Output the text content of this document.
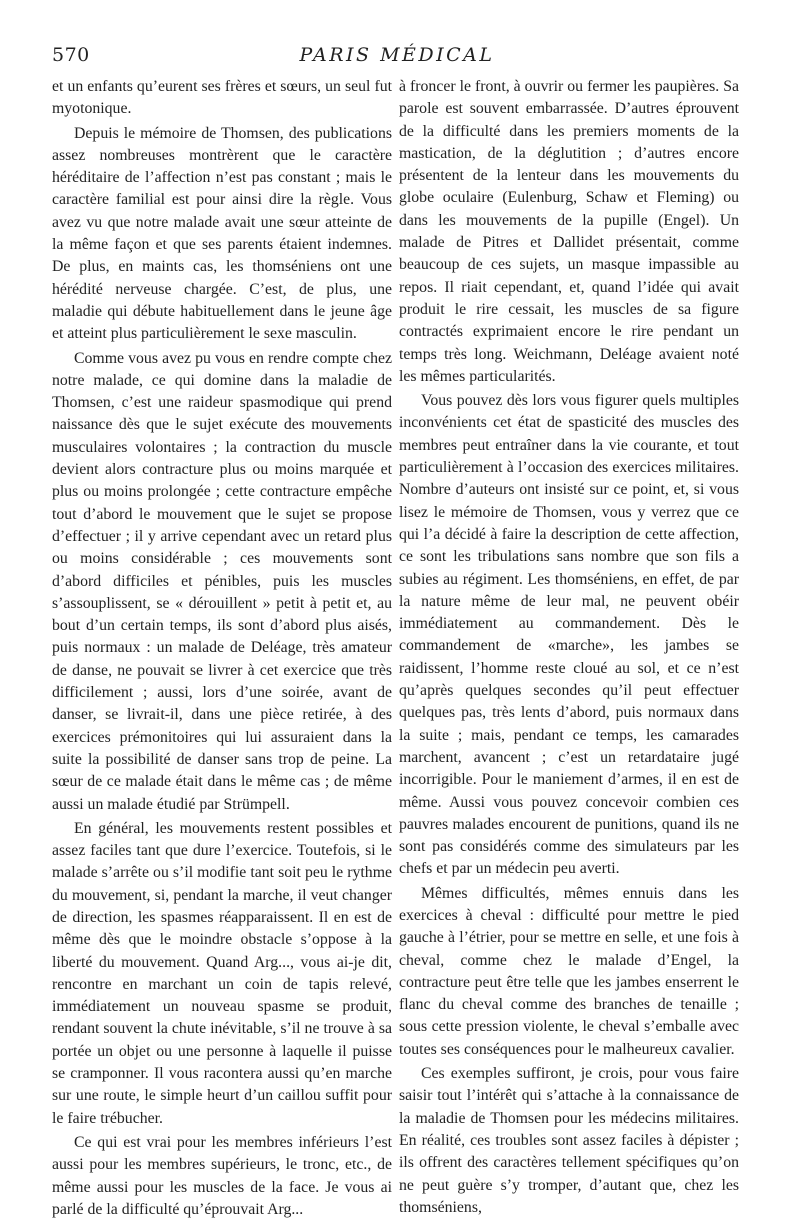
570	PARIS MÉDICAL

et un enfants qu’eurent ses frères et sœurs, un seul fut myotonique.

Depuis le mémoire de Thomsen, des publications assez nombreuses montrèrent que le caractère héréditaire de l’affection n’est pas constant ; mais le caractère familial est pour ainsi dire la règle. Vous avez vu que notre malade avait une sœur atteinte de la même façon et que ses parents étaient indemnes. De plus, en maints cas, les thomséniens ont une hérédité nerveuse chargée. C’est, de plus, une maladie qui débute habituellement dans le jeune âge et atteint plus particulièrement le sexe masculin.

Comme vous avez pu vous en rendre compte chez notre malade, ce qui domine dans la maladie de Thomsen, c’est une raideur spasmodique qui prend naissance dès que le sujet exécute des mouvements musculaires volontaires ; la contraction du muscle devient alors contracture plus ou moins marquée et plus ou moins prolongée ; cette contracture empêche tout d’abord le mouvement que le sujet se propose d’effectuer ; il y arrive cependant avec un retard plus ou moins considérable ; ces mouvements sont d’abord difficiles et pénibles, puis les muscles s’assouplissent, se « dérouillent » petit à petit et, au bout d’un certain temps, ils sont d’abord plus aisés, puis normaux : un malade de Deléage, très amateur de danse, ne pouvait se livrer à cet exercice que très difficilement ; aussi, lors d’une soirée, avant de danser, se livrait-il, dans une pièce retirée, à des exercices prémonitoires qui lui assuraient dans la suite la possibilité de danser sans trop de peine. La sœur de ce malade était dans le même cas ; de même aussi un malade étudié par Strümpell.

En général, les mouvements restent possibles et assez faciles tant que dure l’exercice. Toutefois, si le malade s’arrête ou s’il modifie tant soit peu le rythme du mouvement, si, pendant la marche, il veut changer de direction, les spasmes réapparaissent. Il en est de même dès que le moindre obstacle s’oppose à la liberté du mouvement. Quand Arg..., vous ai-je dit, rencontre en marchant un coin de tapis relevé, immédiatement un nouveau spasme se produit, rendant souvent la chute inévitable, s’il ne trouve à sa portée un objet ou une personne à laquelle il puisse se cramponner. Il vous racontera aussi qu’en marche sur une route, le simple heurt d’un caillou suffit pour le faire trébucher.

Ce qui est vrai pour les membres inférieurs l’est aussi pour les membres supérieurs, le tronc, etc., de même aussi pour les muscles de la face. Je vous ai parlé de la difficulté qu’éprouvait Arg...

à froncer le front, à ouvrir ou fermer les paupières. Sa parole est souvent embarrassée. D’autres éprouvent de la difficulté dans les premiers moments de la mastication, de la déglutition ; d’autres encore présentent de la lenteur dans les mouvements du globe oculaire (Eulenburg, Schaw et Fleming) ou dans les mouvements de la pupille (Engel). Un malade de Pitres et Dallidet présentait, comme beaucoup de ces sujets, un masque impassible au repos. Il riait cependant, et, quand l’idée qui avait produit le rire cessait, les muscles de sa figure contractés exprimaient encore le rire pendant un temps très long. Weichmann, Deléage avaient noté les mêmes particularités.

Vous pouvez dès lors vous figurer quels multiples inconvénients cet état de spasticité des muscles des membres peut entraîner dans la vie courante, et tout particulièrement à l’occasion des exercices militaires. Nombre d’auteurs ont insisté sur ce point, et, si vous lisez le mémoire de Thomsen, vous y verrez que ce qui l’a décidé à faire la description de cette affection, ce sont les tribulations sans nombre que son fils a subies au régiment. Les thomséniens, en effet, de par la nature même de leur mal, ne peuvent obéir immédiatement au commandement. Dès le commandement de «marche», les jambes se raidissent, l’homme reste cloué au sol, et ce n’est qu’après quelques secondes qu’il peut effectuer quelques pas, très lents d’abord, puis normaux dans la suite ; mais, pendant ce temps, les camarades marchent, avancent ; c’est un retardataire jugé incorrigible. Pour le maniement d’armes, il en est de même. Aussi vous pouvez concevoir combien ces pauvres malades encourent de punitions, quand ils ne sont pas considérés comme des simulateurs par les chefs et par un médecin peu averti.

Mêmes difficultés, mêmes ennuis dans les exercices à cheval : difficulté pour mettre le pied gauche à l’étrier, pour se mettre en selle, et une fois à cheval, comme chez le malade d’Engel, la contracture peut être telle que les jambes enserrent le flanc du cheval comme des branches de tenaille ; sous cette pression violente, le cheval s’emballe avec toutes ses conséquences pour le malheureux cavalier.

Ces exemples suffiront, je crois, pour vous faire saisir tout l’intérêt qui s’attache à la connaissance de la maladie de Thomsen pour les médecins militaires. En réalité, ces troubles sont assez faciles à dépister ; ils offrent des caractères tellement spécifiques qu’on ne peut guère s’y tromper, d’autant que, chez les thomséniens,
